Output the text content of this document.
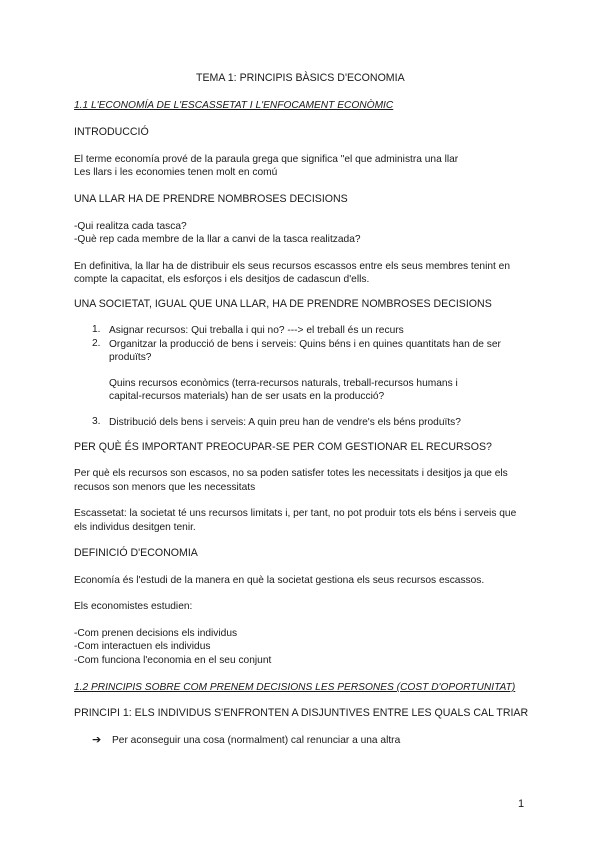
TEMA 1: PRINCIPIS BÀSICS D'ECONOMIA
1.1 L'ECONOMÍA DE L'ESCASSETAT I L'ENFOCAMENT ECONÒMIC
INTRODUCCIÓ
El terme economía prové de la paraula grega que significa "el que administra una llar
Les llars i les economies tenen molt en comú
UNA LLAR HA DE PRENDRE NOMBROSES DECISIONS
-Qui realitza cada tasca?
-Què rep cada membre de la llar a canvi de la tasca realitzada?
En definitiva, la llar ha de distribuir els seus recursos escassos entre els seus membres tenint en
compte la capacitat, els esforços i els desitjos de cadascun d'ells.
UNA SOCIETAT, IGUAL QUE UNA LLAR, HA DE PRENDRE NOMBROSES DECISIONS
1. Asignar recursos: Qui treballa i qui no? ---> el treball és un recurs
2. Organitzar la producció de bens i serveis: Quins béns i en quines quantitats han de ser
produïts?
Quins recursos econòmics (terra-recursos naturals, treball-recursos humans i
capital-recursos materials) han de ser usats en la producció?
3. Distribució dels bens i serveis: A quin preu han de vendre's els béns produïts?
PER QUÈ ÉS IMPORTANT PREOCUPAR-SE PER COM GESTIONAR EL RECURSOS?
Per què els recursos son escasos, no sa poden satisfer totes les necessitats i desitjos ja que els
recusos son menors que les necessitats
Escassetat: la societat té uns recursos limitats i, per tant, no pot produir tots els béns i serveis que
els individus desitgen tenir.
DEFINICIÓ D'ECONOMIA
Economía és l'estudi de la manera en què la societat gestiona els seus recursos escassos.
Els economistes estudien:
-Com prenen decisions els individus
-Com interactuen els individus
-Com funciona l'economia en el seu conjunt
1.2 PRINCIPIS SOBRE COM PRENEM DECISIONS LES PERSONES (COST D'OPORTUNITAT)
PRINCIPI 1: ELS INDIVIDUS S'ENFRONTEN A DISJUNTIVES ENTRE LES QUALS CAL TRIAR
➔ Per aconseguir una cosa (normalment) cal renunciar a una altra
1
